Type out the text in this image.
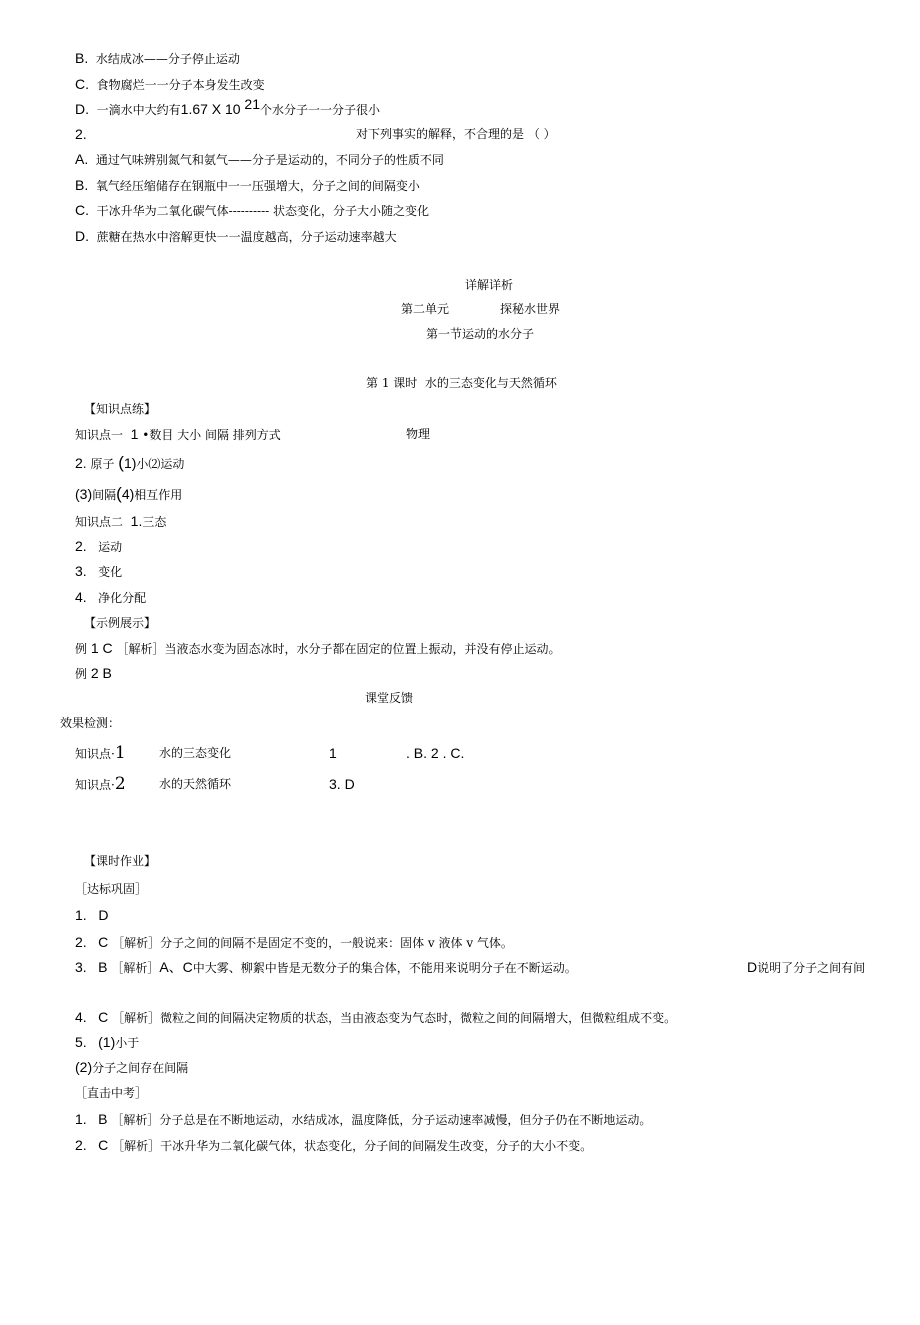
B. 水结成冰——分子停止运动
C. 食物腐烂一一分子本身发生改变
D. 一滴水中大约有1.67 X 10 $^{21}$个水分子一一分子很小
2.	对下列事实的解释，不合理的是 （ ）
A. 通过气味辨别氮气和氨气——分子是运动的，不同分子的性质不同
B. 氧气经压缩储存在钢瓶中一一压强增大，分子之间的间隔变小
C. 干冰升华为二氧化碳气体---------- 状态变化，分子大小随之变化
D. 蔗糖在热水中溶解更快一一温度越高，分子运动速率越大
详解详析
第二单元	探秘水世界
第一节运动的水分子
第 1 课时 水的三态变化与天然循环
【知识点练】
知识点一 1 •数目 大小 间隔 排列方式	物理
2. 原子 (1)小⑵运动
(3)间隔(4)相互作用
知识点二 1.三态
2. 运动
3. 变化
4. 净化分配
【示例展示】
例 1 C ［解析］当液态水变为固态冰时，水分子都在固定的位置上振动，并没有停止运动。
例 2 B
课堂反馈
效果检测：
知识点·1	水的三态变化	1	. B. 2 . C.
知识点·2	水的天然循环	3. D
【课时作业】
［达标巩固］
1. D
2. C ［解析］分子之间的间隔不是固定不变的，一般说来：固体 v 液体 v 气体。
3. B ［解析］A、C中大雾、柳絮中皆是无数分子的集合体，不能用来说明分子在不断运动。	D说明了分子之间有间
4. C ［解析］微粒之间的间隔决定物质的状态，当由液态变为气态时，微粒之间的间隔增大，但微粒组成不变。
5. (1)小于
(2)分子之间存在间隔
［直击中考］
1. B ［解析］分子总是在不断地运动，水结成冰，温度降低，分子运动速率减慢，但分子仍在不断地运动。
2. C ［解析］干冰升华为二氧化碳气体，状态变化，分子间的间隔发生改变，分子的大小不变。
